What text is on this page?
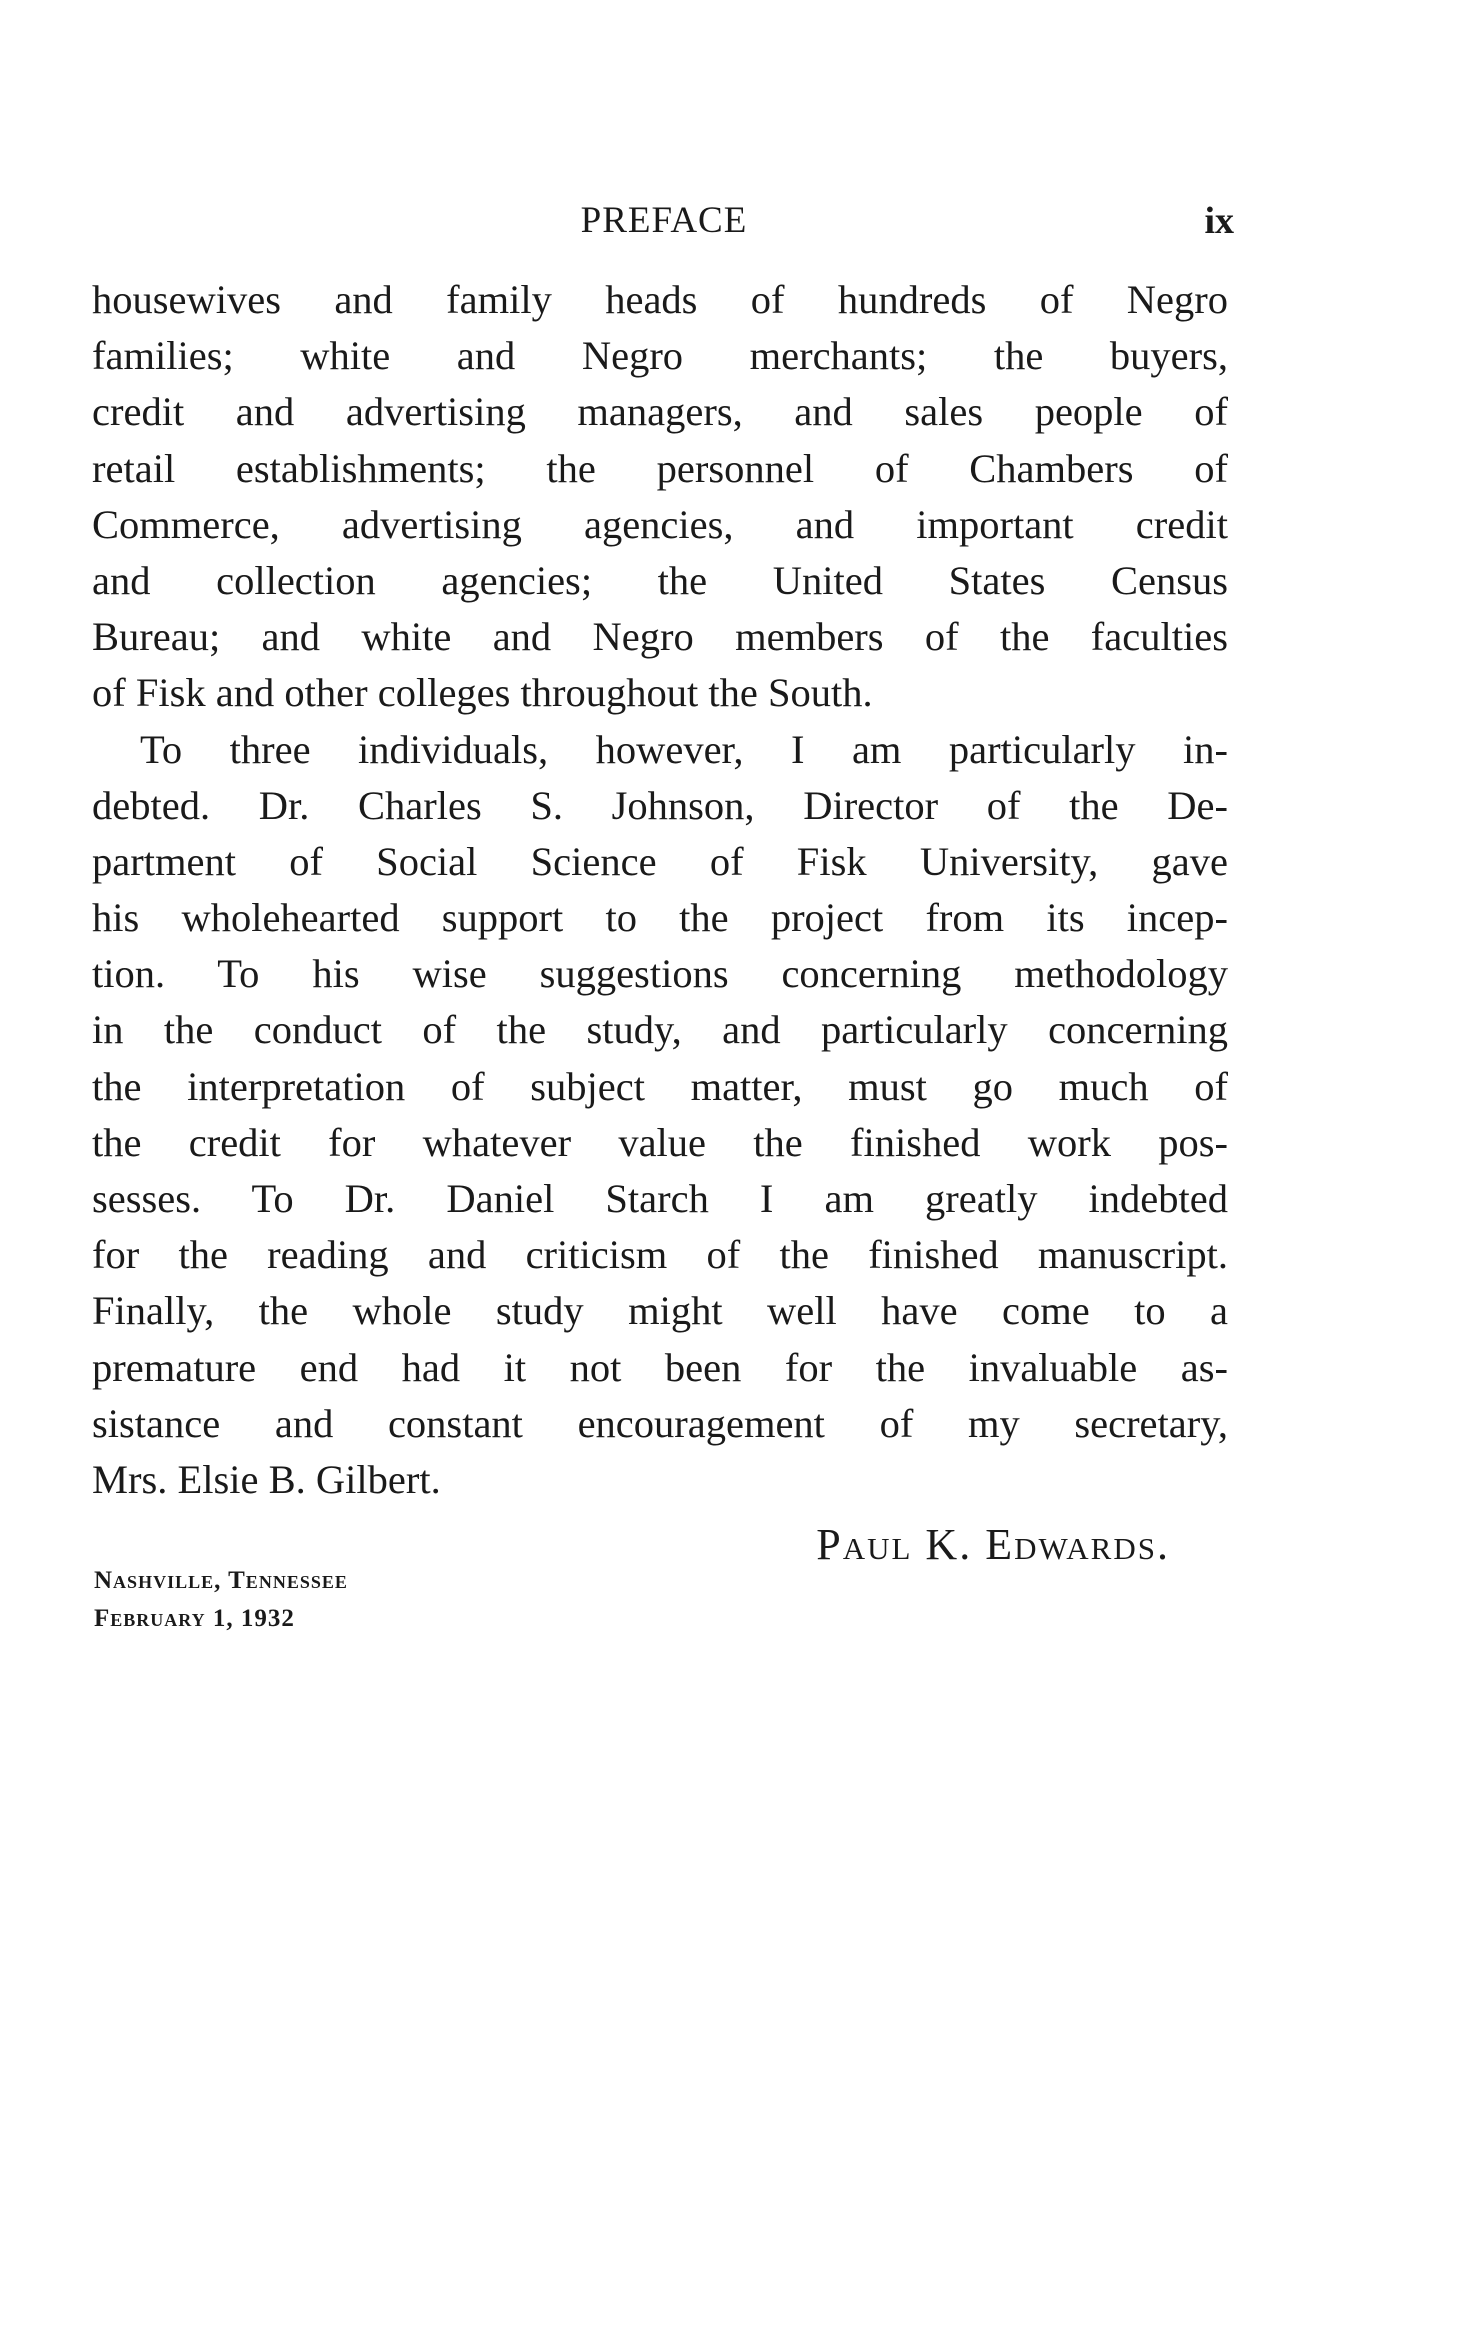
PREFACE	ix
housewives and family heads of hundreds of Negro
families; white and Negro merchants; the buyers,
credit and advertising managers, and sales people of
retail establishments; the personnel of Chambers of
Commerce, advertising agencies, and important credit
and collection agencies; the United States Census
Bureau; and white and Negro members of the faculties
of Fisk and other colleges throughout the South.
To three individuals, however, I am particularly in-
debted. Dr. Charles S. Johnson, Director of the De-
partment of Social Science of Fisk University, gave
his wholehearted support to the project from its incep-
tion. To his wise suggestions concerning methodology
in the conduct of the study, and particularly concerning
the interpretation of subject matter, must go much of
the credit for whatever value the finished work pos-
sesses. To Dr. Daniel Starch I am greatly indebted
for the reading and criticism of the finished manuscript.
Finally, the whole study might well have come to a
premature end had it not been for the invaluable as-
sistance and constant encouragement of my secretary,
Mrs. Elsie B. Gilbert.
Paul K. Edwards.
Nashville, Tennessee
February 1, 1932
